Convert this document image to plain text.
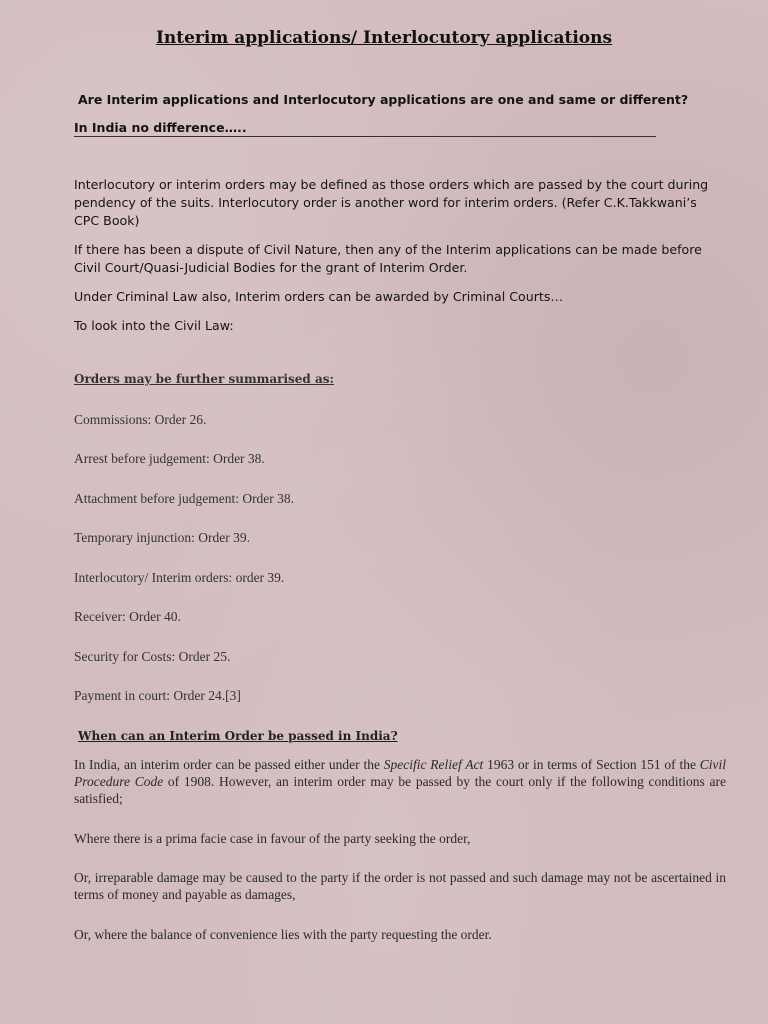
Interim applications/ Interlocutory applications
Are Interim applications and Interlocutory applications are one and same or different?
In India no difference…..
Interlocutory or interim orders may be defined as those orders which are passed by the court during pendency of the suits. Interlocutory order is another word for interim orders. (Refer C.K.Takkwani’s CPC Book)
If there has been a dispute of Civil Nature, then any of the Interim applications can be made before Civil Court/Quasi-Judicial Bodies for the grant of Interim Order.
Under Criminal Law also, Interim orders can be awarded by Criminal Courts…
To look into the Civil Law:
Orders may be further summarised as:
Commissions: Order 26.
Arrest before judgement: Order 38.
Attachment before judgement: Order 38.
Temporary injunction: Order 39.
Interlocutory/ Interim orders: order 39.
Receiver: Order 40.
Security for Costs: Order 25.
Payment in court: Order 24.[3]
When can an Interim Order be passed in India?
In India, an interim order can be passed either under the Specific Relief Act 1963 or in terms of Section 151 of the Civil Procedure Code of 1908. However, an interim order may be passed by the court only if the following conditions are satisfied;
Where there is a prima facie case in favour of the party seeking the order,
Or, irreparable damage may be caused to the party if the order is not passed and such damage may not be ascertained in terms of money and payable as damages,
Or, where the balance of convenience lies with the party requesting the order.
